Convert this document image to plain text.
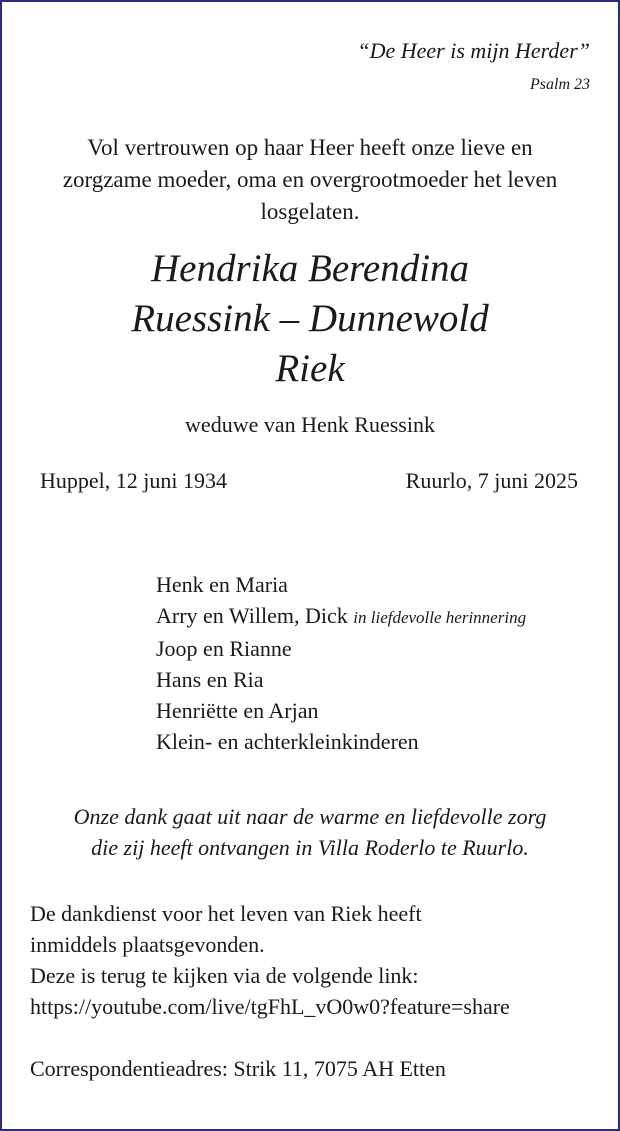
“De Heer is mijn Herder”
Psalm 23
Vol vertrouwen op haar Heer heeft onze lieve en
zorgzame moeder, oma en overgrootmoeder het leven
losgelaten.
Hendrika Berendina
Ruessink – Dunnewold
Riek
weduwe van Henk Ruessink
Huppel, 12 juni 1934	Ruurlo, 7 juni 2025
Henk en Maria
Arry en Willem, Dick in liefdevolle herinnering
Joop en Rianne
Hans en Ria
Henriëtte en Arjan
Klein- en achterkleinkinderen
Onze dank gaat uit naar de warme en liefdevolle zorg
die zij heeft ontvangen in Villa Roderlo te Ruurlo.
De dankdienst voor het leven van Riek heeft
inmiddels plaatsgevonden.
Deze is terug te kijken via de volgende link:
https://youtube.com/live/tgFhL_vO0w0?feature=share
Correspondentieadres: Strik 11, 7075 AH Etten
